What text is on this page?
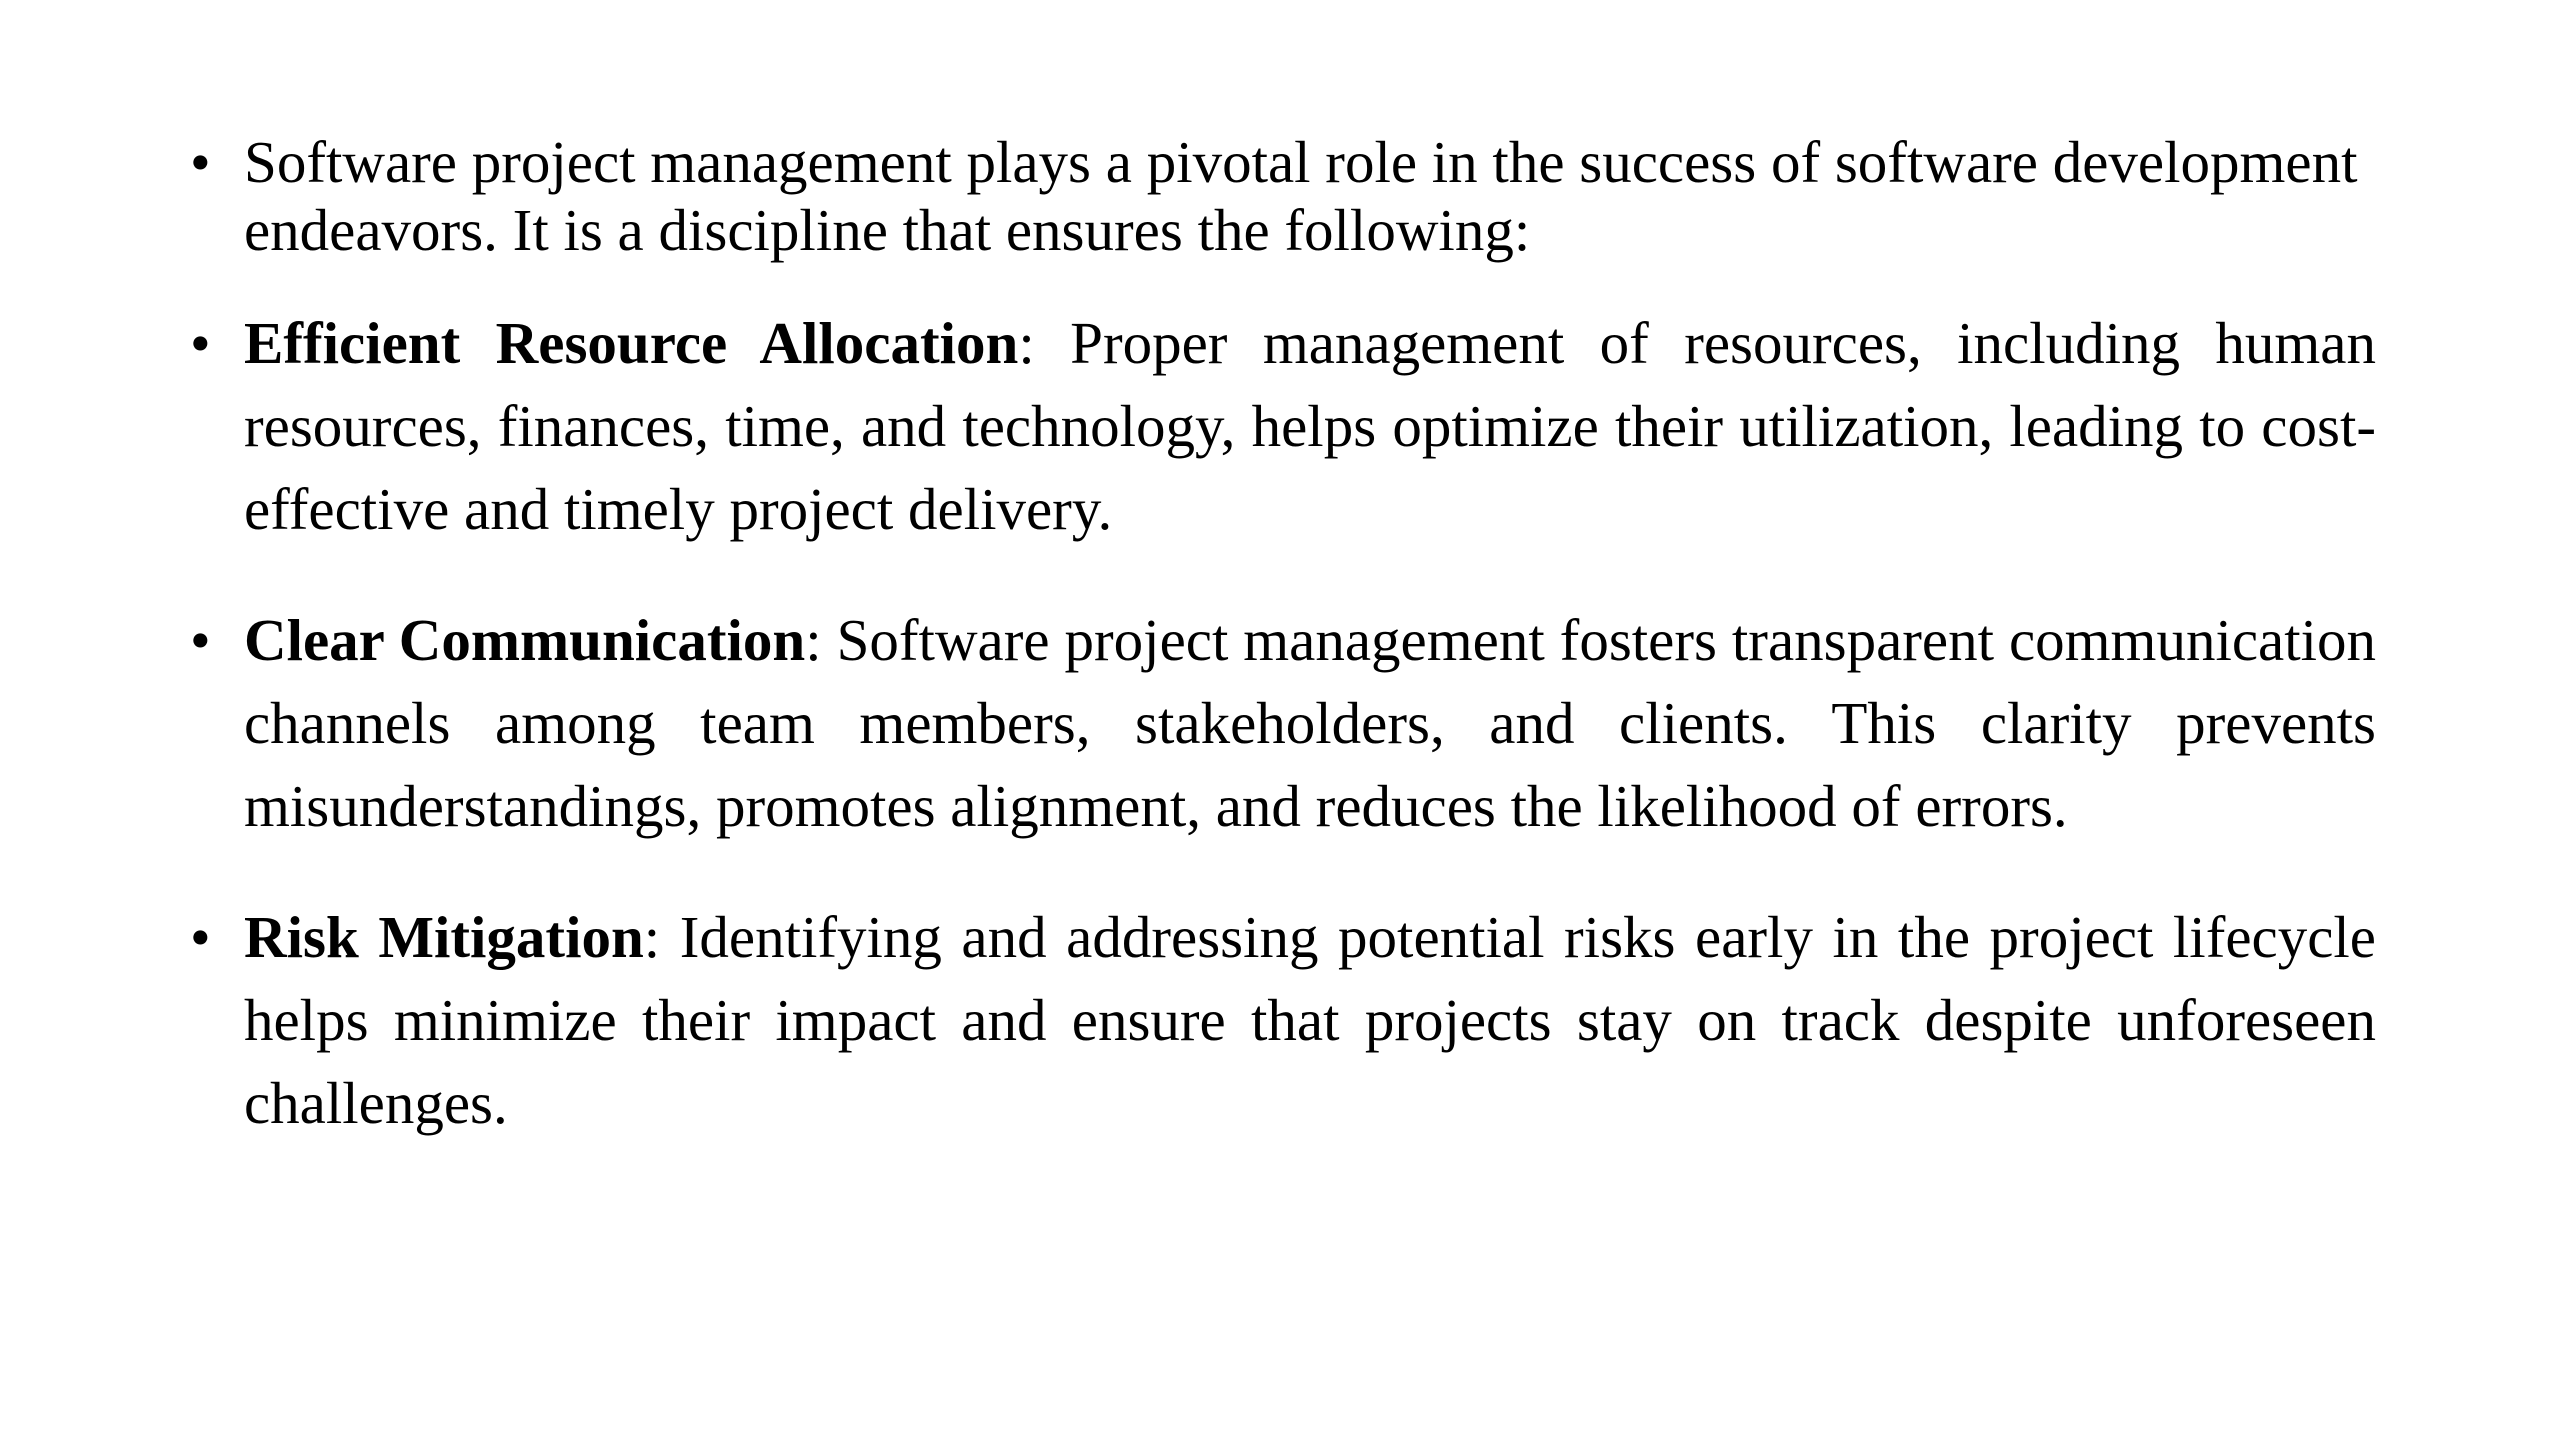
• Software project management plays a pivotal role in the success of software development endeavors. It is a discipline that ensures the following:
• Efficient Resource Allocation: Proper management of resources, including human resources, finances, time, and technology, helps optimize their utilization, leading to cost-effective and timely project delivery.
• Clear Communication: Software project management fosters transparent communication channels among team members, stakeholders, and clients. This clarity prevents misunderstandings, promotes alignment, and reduces the likelihood of errors.
• Risk Mitigation: Identifying and addressing potential risks early in the project lifecycle helps minimize their impact and ensure that projects stay on track despite unforeseen challenges.
